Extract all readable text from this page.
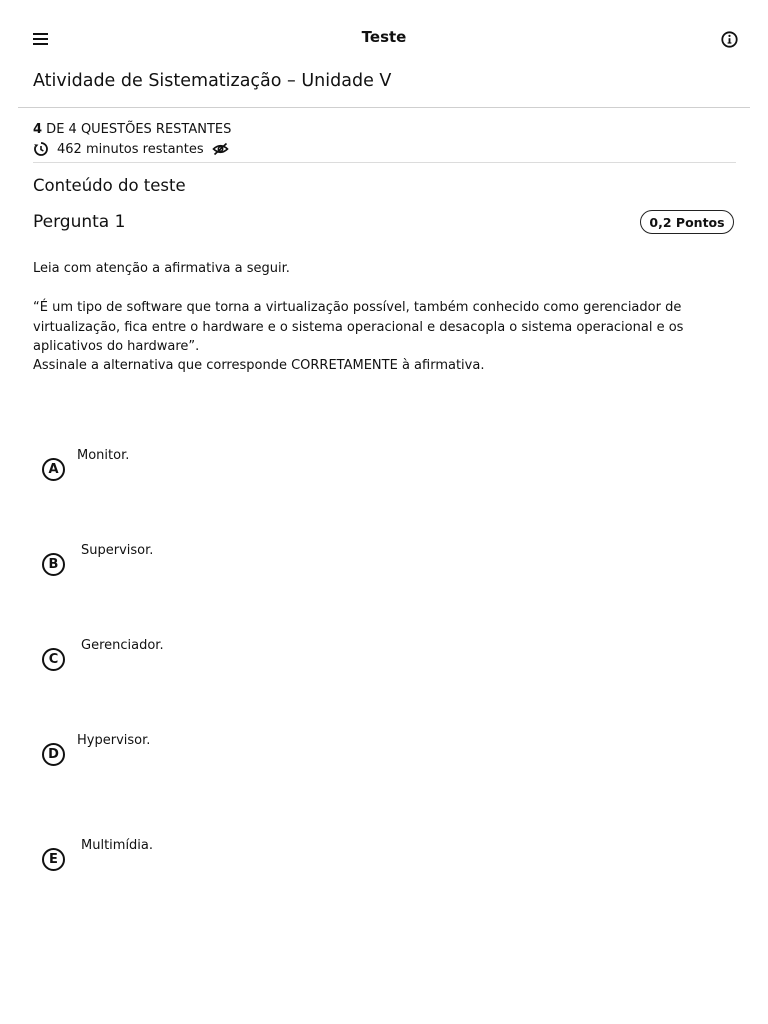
Teste
Atividade de Sistematização – Unidade V
4 DE 4 QUESTÕES RESTANTES
462 minutos restantes
Conteúdo do teste
Pergunta 1	0,2 Pontos
Leia com atenção a afirmativa a seguir.
“É um tipo de software que torna a virtualização possível, também conhecido como gerenciador de virtualização, fica entre o hardware e o sistema operacional e desacopla o sistema operacional e os aplicativos do hardware”.
Assinale a alternativa que corresponde CORRETAMENTE à afirmativa.
A
Monitor.
B
Supervisor.
C
Gerenciador.
D
Hypervisor.
E
Multimídia.
